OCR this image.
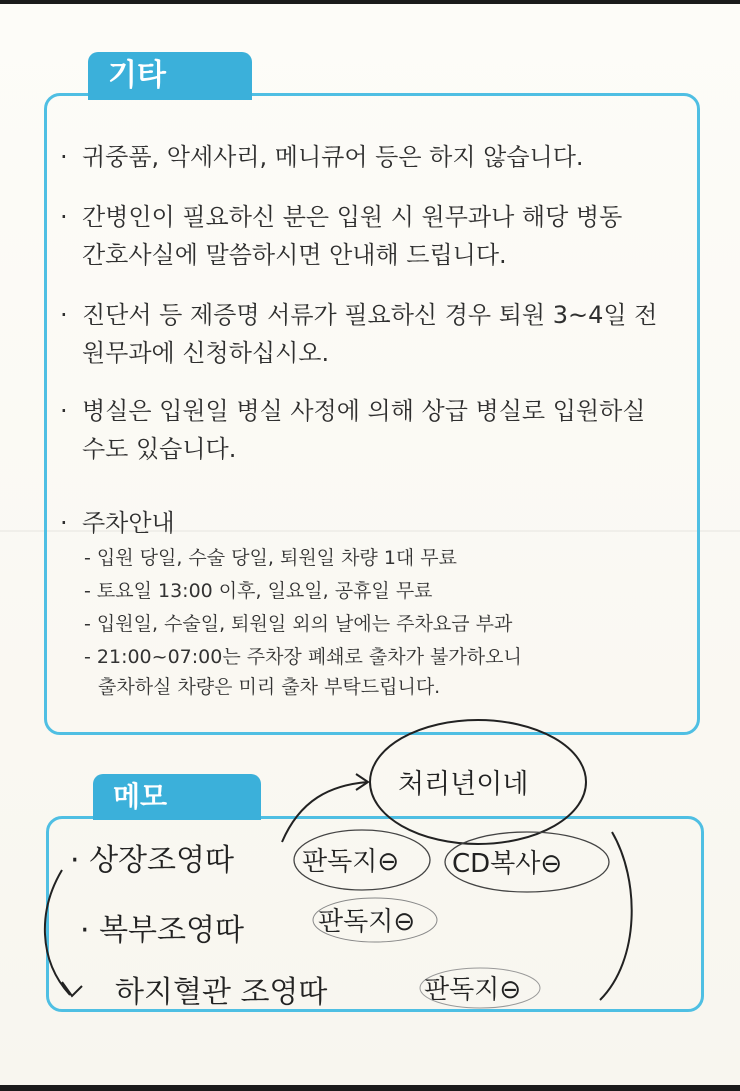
기타
· 귀중품, 악세사리, 메니큐어 등은 하지 않습니다.
· 간병인이 필요하신 분은 입원 시 원무과나 해당 병동
간호사실에 말씀하시면 안내해 드립니다.
· 진단서 등 제증명 서류가 필요하신 경우 퇴원 3~4일 전
원무과에 신청하십시오.
· 병실은 입원일 병실 사정에 의해 상급 병실로 입원하실
수도 있습니다.
· 주차안내
- 입원 당일, 수술 당일, 퇴원일 차량 1대 무료
- 토요일 13:00 이후, 일요일, 공휴일 무료
- 입원일, 수술일, 퇴원일 외의 날에는 주차요금 부과
- 21:00~07:00는 주차장 폐쇄로 출차가 불가하오니
출차하실 차량은 미리 출차 부탁드립니다.
메모	처리년이네
· 상장조영따	판독지⊖ CD복사⊖
· 복부조영따	판독지⊖
하지혈관 조영따	판독지⊖
